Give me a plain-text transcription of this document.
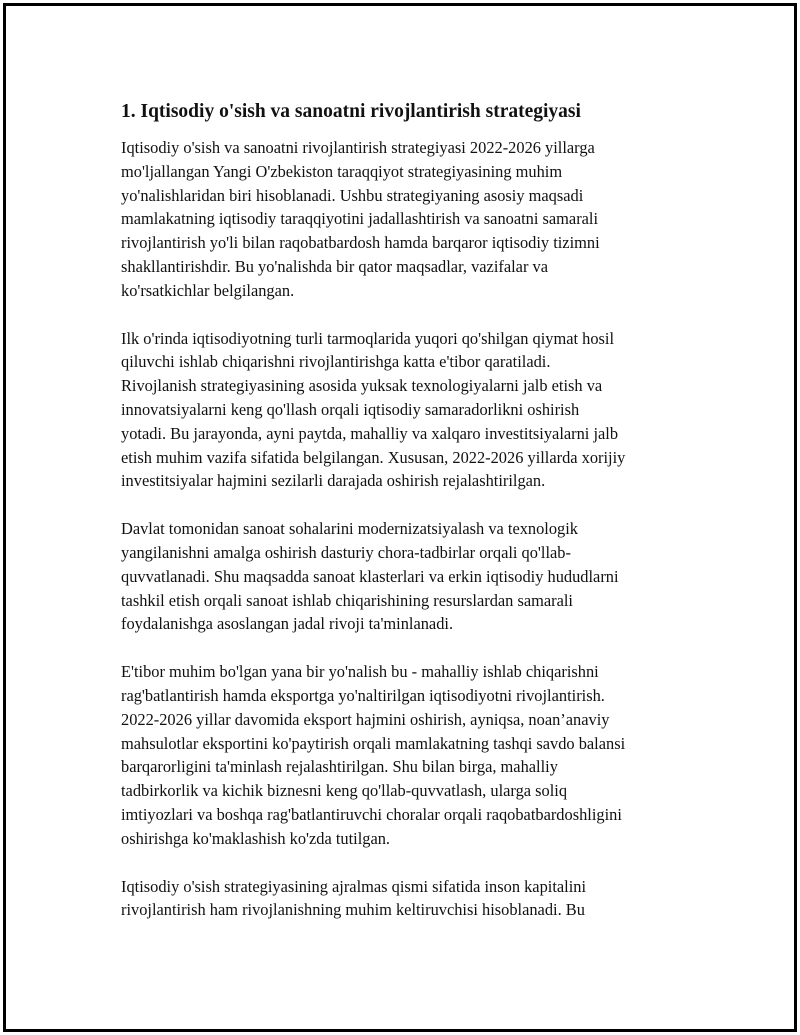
1. Iqtisodiy o'sish va sanoatni rivojlantirish strategiyasi

Iqtisodiy o'sish va sanoatni rivojlantirish strategiyasi 2022-2026 yillarga
mo'ljallangan Yangi O'zbekiston taraqqiyot strategiyasining muhim
yo'nalishlaridan biri hisoblanadi. Ushbu strategiyaning asosiy maqsadi
mamlakatning iqtisodiy taraqqiyotini jadallashtirish va sanoatni samarali
rivojlantirish yo'li bilan raqobatbardosh hamda barqaror iqtisodiy tizimni
shakllantirishdir. Bu yo'nalishda bir qator maqsadlar, vazifalar va
ko'rsatkichlar belgilangan.

Ilk o'rinda iqtisodiyotning turli tarmoqlarida yuqori qo'shilgan qiymat hosil
qiluvchi ishlab chiqarishni rivojlantirishga katta e'tibor qaratiladi.
Rivojlanish strategiyasining asosida yuksak texnologiyalarni jalb etish va
innovatsiyalarni keng qo'llash orqali iqtisodiy samaradorlikni oshirish
yotadi. Bu jarayonda, ayni paytda, mahalliy va xalqaro investitsiyalarni jalb
etish muhim vazifa sifatida belgilangan. Xususan, 2022-2026 yillarda xorijiy
investitsiyalar hajmini sezilarli darajada oshirish rejalashtirilgan.

Davlat tomonidan sanoat sohalarini modernizatsiyalash va texnologik
yangilanishni amalga oshirish dasturiy chora-tadbirlar orqali qo'llab-
quvvatlanadi. Shu maqsadda sanoat klasterlari va erkin iqtisodiy hududlarni
tashkil etish orqali sanoat ishlab chiqarishining resurslardan samarali
foydalanishga asoslangan jadal rivoji ta'minlanadi.

E'tibor muhim bo'lgan yana bir yo'nalish bu - mahalliy ishlab chiqarishni
rag'batlantirish hamda eksportga yo'naltirilgan iqtisodiyotni rivojlantirish.
2022-2026 yillar davomida eksport hajmini oshirish, ayniqsa, noan’anaviy
mahsulotlar eksportini ko'paytirish orqali mamlakatning tashqi savdo balansi
barqarorligini ta'minlash rejalashtirilgan. Shu bilan birga, mahalliy
tadbirkorlik va kichik biznesni keng qo'llab-quvvatlash, ularga soliq
imtiyozlari va boshqa rag'batlantiruvchi choralar orqali raqobatbardoshligini
oshirishga ko'maklashish ko'zda tutilgan.

Iqtisodiy o'sish strategiyasining ajralmas qismi sifatida inson kapitalini
rivojlantirish ham rivojlanishning muhim keltiruvchisi hisoblanadi. Bu
